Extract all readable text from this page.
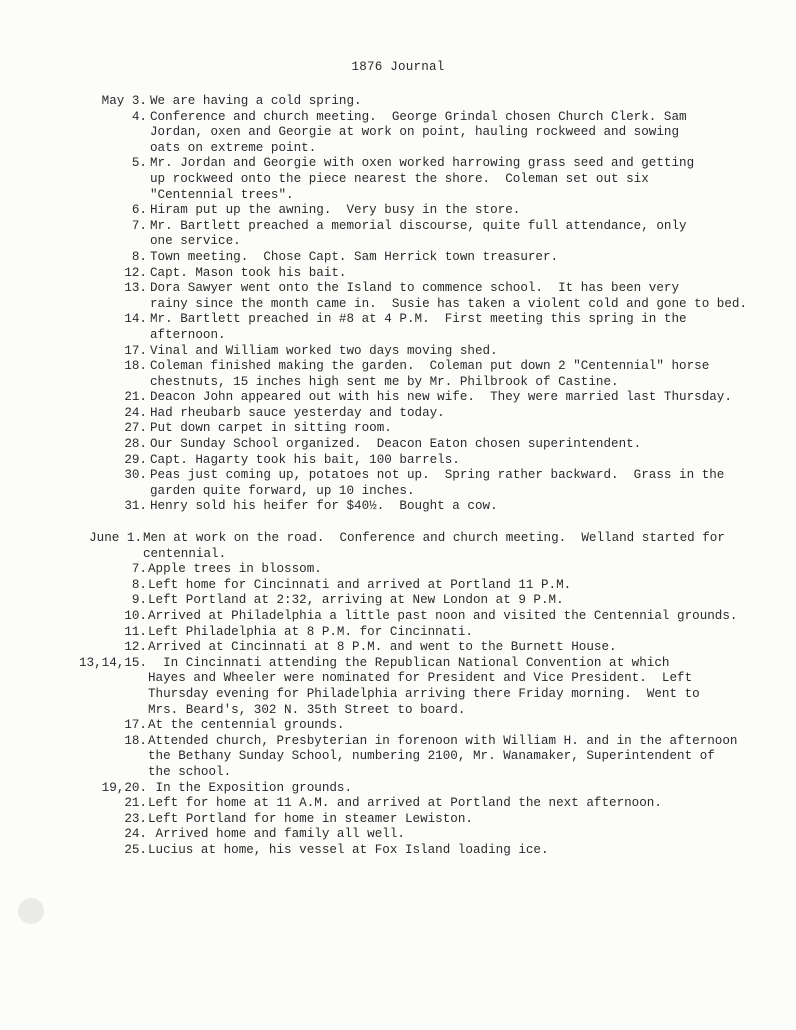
1876 Journal
May 3. We are having a cold spring.
4. Conference and church meeting.  George Grindal chosen Church Clerk. Sam
Jordan, oxen and Georgie at work on point, hauling rockweed and sowing
oats on extreme point.
5. Mr. Jordan and Georgie with oxen worked harrowing grass seed and getting
up rockweed onto the piece nearest the shore.  Coleman set out six
"Centennial trees".
6. Hiram put up the awning.  Very busy in the store.
7. Mr. Bartlett preached a memorial discourse, quite full attendance, only
one service.
8. Town meeting.  Chose Capt. Sam Herrick town treasurer.
12. Capt. Mason took his bait.
13. Dora Sawyer went onto the Island to commence school.  It has been very
rainy since the month came in.  Susie has taken a violent cold and gone to bed.
14. Mr. Bartlett preached in #8 at 4 P.M.  First meeting this spring in the
afternoon.
17. Vinal and William worked two days moving shed.
18. Coleman finished making the garden.  Coleman put down 2 "Centennial" horse
chestnuts, 15 inches high sent me by Mr. Philbrook of Castine.
21. Deacon John appeared out with his new wife.  They were married last Thursday.
24. Had rheubarb sauce yesterday and today.
27. Put down carpet in sitting room.
28. Our Sunday School organized.  Deacon Eaton chosen superintendent.
29. Capt. Hagarty took his bait, 100 barrels.
30. Peas just coming up, potatoes not up.  Spring rather backward.  Grass in the
garden quite forward, up 10 inches.
31. Henry sold his heifer for $40½.  Bought a cow.
June 1. Men at work on the road.  Conference and church meeting.  Welland started for
centennial.
7. Apple trees in blossom.
8. Left home for Cincinnati and arrived at Portland 11 P.M.
9. Left Portland at 2:32, arriving at New London at 9 P.M.
10. Arrived at Philadelphia a little past noon and visited the Centennial grounds.
11. Left Philadelphia at 8 P.M. for Cincinnati.
12. Arrived at Cincinnati at 8 P.M. and went to the Burnett House.
13,14,15.	In Cincinnati attending the Republican National Convention at which
Hayes and Wheeler were nominated for President and Vice President.  Left
Thursday evening for Philadelphia arriving there Friday morning.  Went to
Mrs. Beard's, 302 N. 35th Street to board.
17. At the centennial grounds.
18. Attended church, Presbyterian in forenoon with William H. and in the afternoon
the Bethany Sunday School, numbering 2100, Mr. Wanamaker, Superintendent of
the school.
19,20. In the Exposition grounds.
21. Left for home at 11 A.M. and arrived at Portland the next afternoon.
23. Left Portland for home in steamer Lewiston.
24. Arrived home and family all well.
25. Lucius at home, his vessel at Fox Island loading ice.
